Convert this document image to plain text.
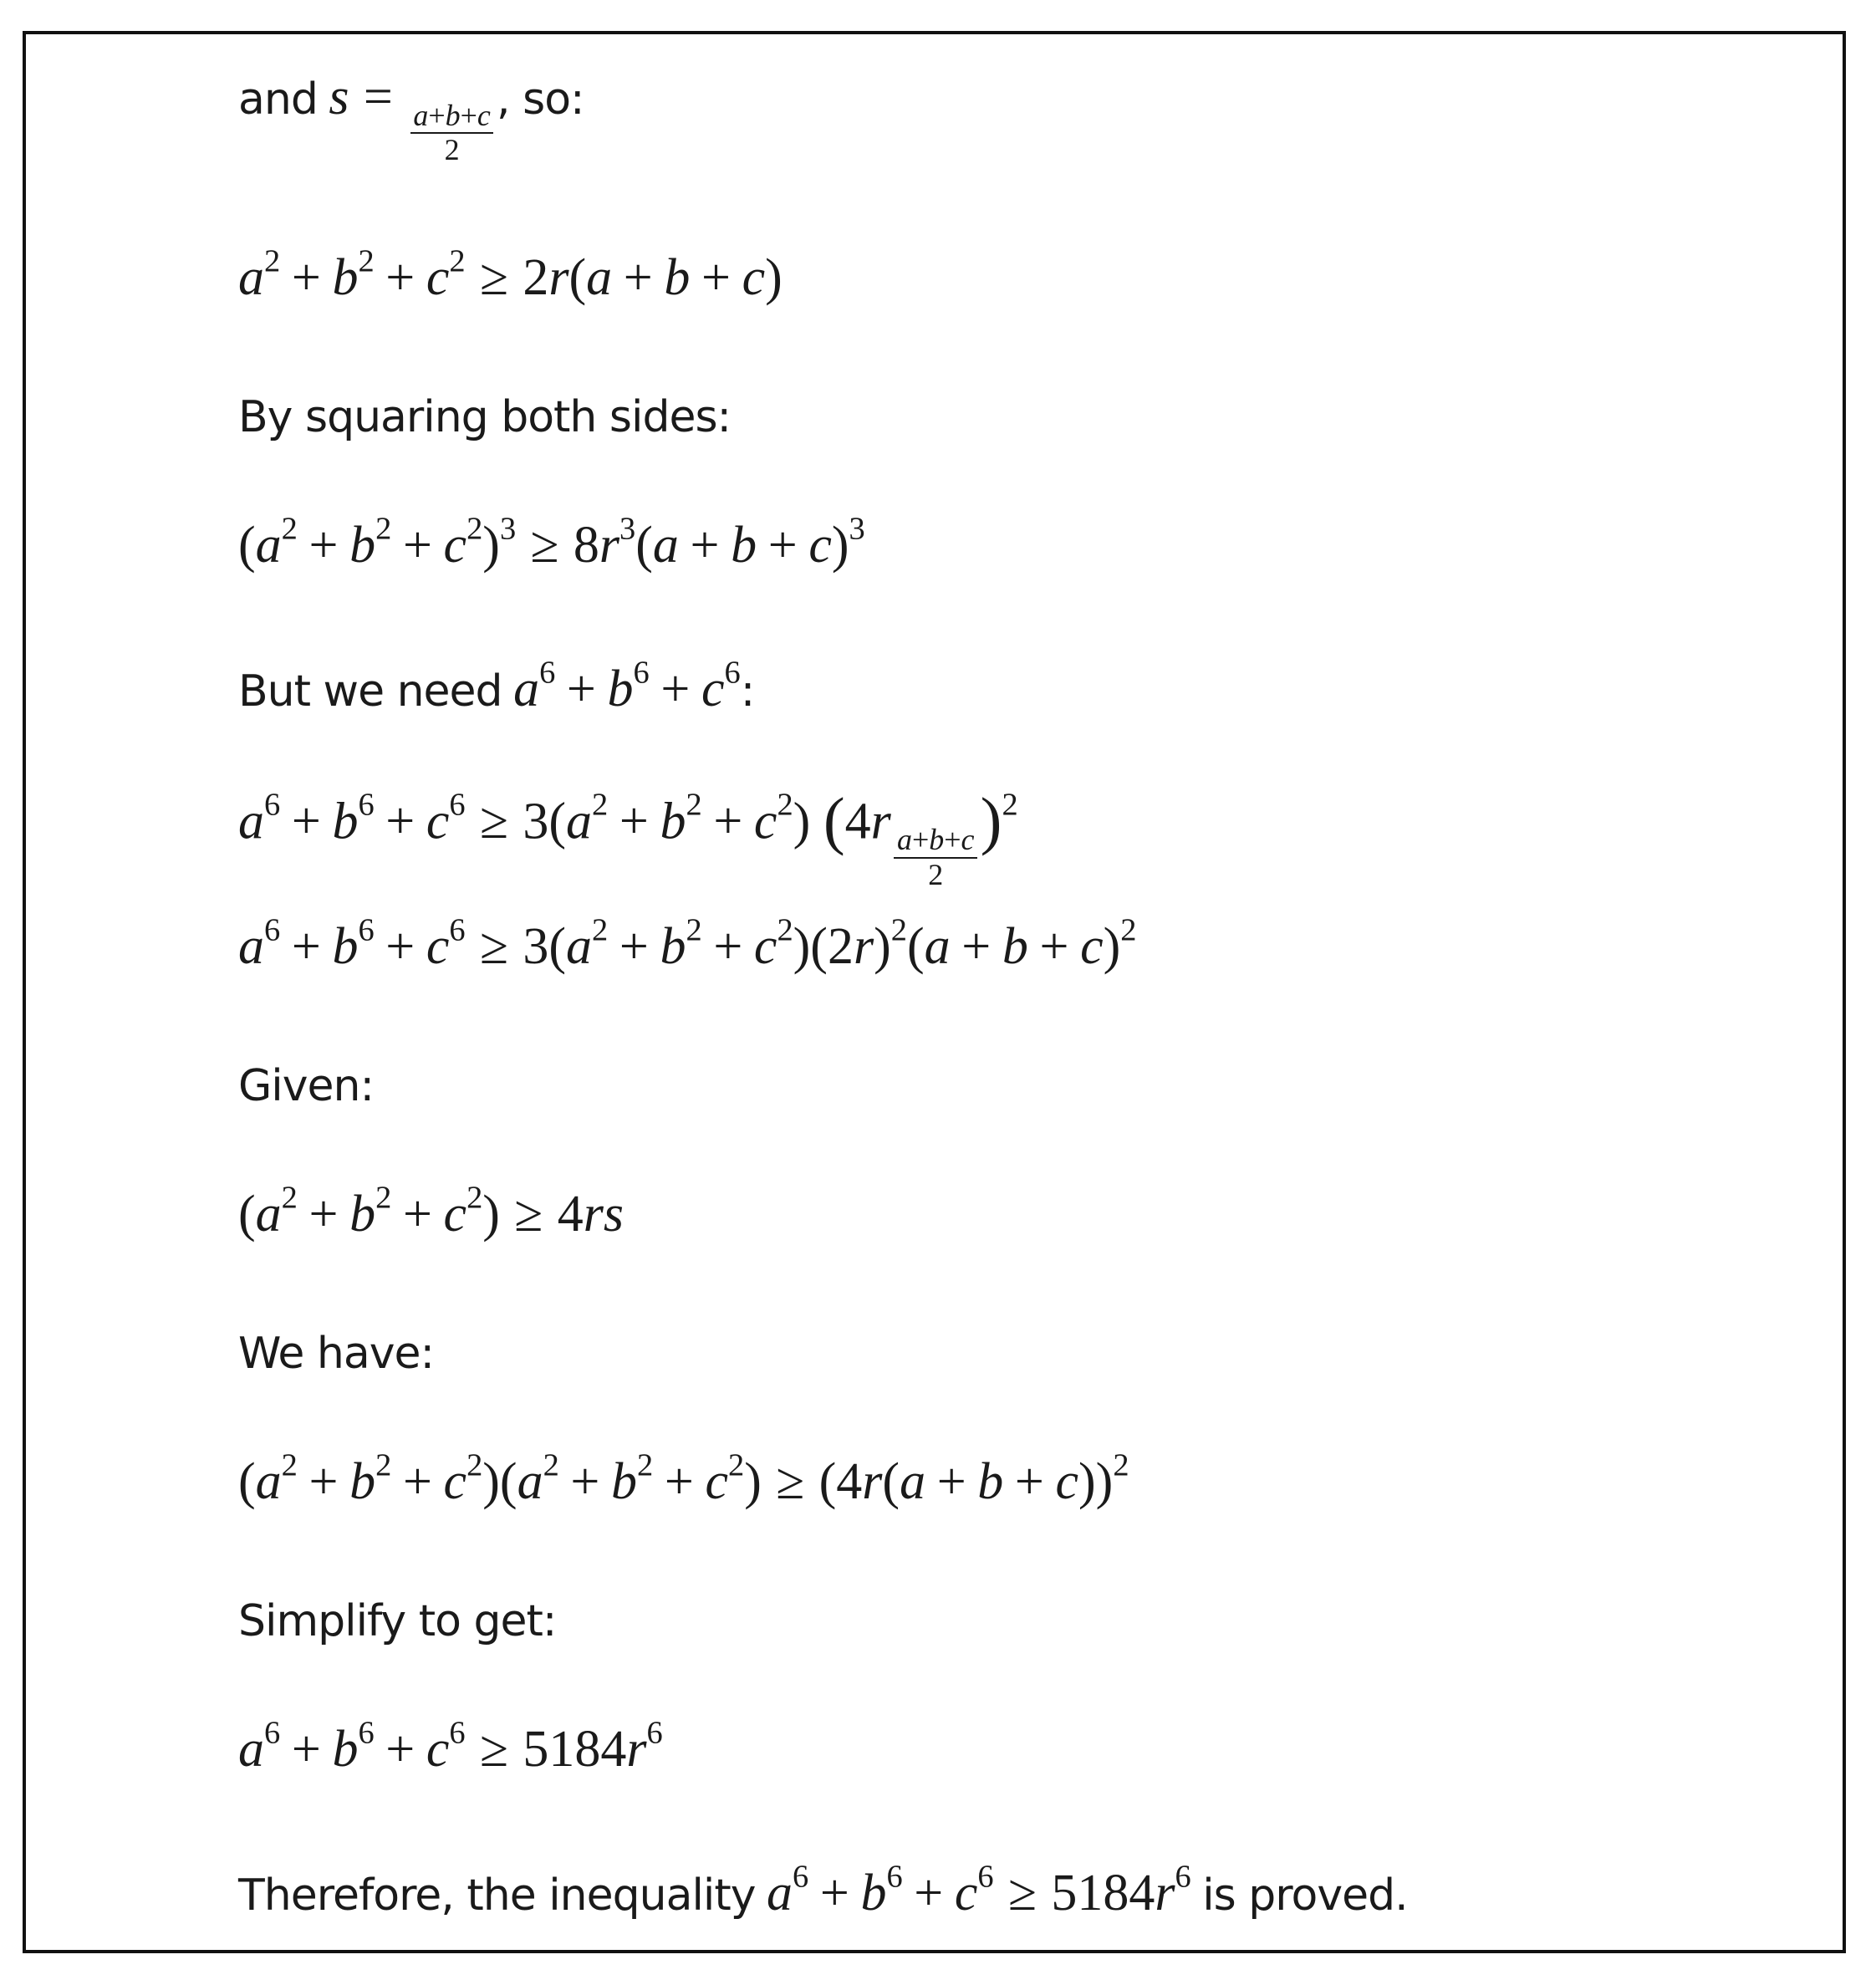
and s =
$\frac{a+b+c}{2}$
, so:
$a^2 + b^2 + c^2 \ge 2r(a + b + c)$
By squaring both sides:
$(a^2 + b^2 + c^2)^3 \ge 8r^3(a + b + c)^3$
But we need $a^6 + b^6 + c^6$:
$a^6 + b^6 + c^6 \ge 3(a^2 + b^2 + c^2)$ (4r
$\frac{a+b+c}{2}$
)$^2$
$a^6 + b^6 + c^6 \ge 3(a^2 + b^2 + c^2)(2r)^2(a + b + c)^2$
Given:
$(a^2 + b^2 + c^2) \ge 4rs$
We have:
$(a^2 + b^2 + c^2)(a^2 + b^2 + c^2) \ge (4r(a + b + c))^2$
Simplify to get:
$a^6 + b^6 + c^6 \ge 5184r^6$
Therefore, the inequality $a^6 + b^6 + c^6 \ge 5184r^6$ is proved.
